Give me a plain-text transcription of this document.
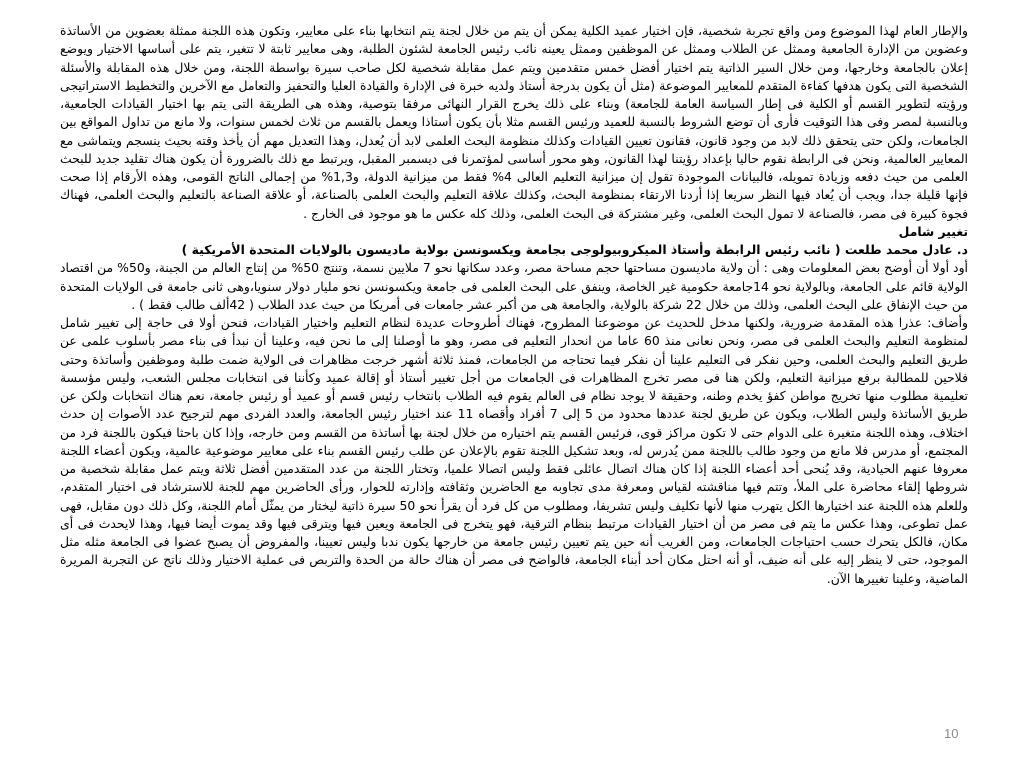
والإطار العام لهذا الموضوع ومن واقع تجربة شخصية، فإن اختيار عميد الكلية يمكن أن يتم من خلال لجنة يتم انتخابها بناء على معايير، وتكون هذه اللجنة ممثلة بعضوين من الأساتذة وعضوين من الإدارة الجامعية وممثل عن الطلاب وممثل عن الموظفين وممثل يعينه نائب رئيس الجامعة لشئون الطلبة، وهى معايير ثابتة لا تتغير، يتم على أساسها الاختيار ويوضع إعلان بالجامعة وخارجها، ومن خلال السير الذاتية يتم اختيار أفضل خمس متقدمين ويتم عمل مقابلة شخصية لكل صاحب سيرة بواسطة اللجنة، ومن خلال هذه المقابلة والأسئلة الشخصية التى يكون هدفها كفاءة المتقدم للمعايير الموضوعة (مثل أن يكون بدرجة أستاذ ولديه خبرة فى الإدارة والقيادة العليا والتحفيز والتعامل مع الآخرين والتخطيط الاستراتيجى ورؤيته لتطوير القسم أو الكلية فى إطار السياسة العامة للجامعة) وبناء على ذلك يخرج القرار النهائى مرفقا بتوصية، وهذه هى الطريقة التى يتم بها اختيار القيادات الجامعية، وبالنسبة لمصر وفى هذا التوقيت فأرى أن توضع الشروط بالنسبة للعميد ورئيس القسم مثلا بأن يكون أستاذا ويعمل بالقسم من ثلاث لخمس سنوات، ولا مانع من تداول المواقع بين الجامعات، ولكن حتى يتحقق ذلك لابد من وجود قانون، فقانون تعيين القيادات وكذلك منظومة البحث العلمى لابد أن يُعدل، وهذا التعديل مهم أن يأخذ وقته بحيث ينسجم ويتماشى مع المعايير العالمية، ونحن فى الرابطة نقوم حاليا بإعداد رؤيتنا لهذا القانون، وهو محور أساسى لمؤتمرنا فى ديسمبر المقبل، ويرتبط مع ذلك بالضرورة أن يكون هناك تقليد جديد للبحث العلمى من حيث دفعه وزيادة تمويله، فالبيانات الموجودة تقول إن ميزانية التعليم العالى 4% فقط من ميزانية الدولة، و1,3% من إجمالى الناتج القومى، وهذه الأرقام إذا صحت فإنها قليلة جدا، ويجب أن يُعاد فيها النظر سريعا إذا أردنا الارتقاء بمنظومة البحث، وكذلك علاقة التعليم والبحث العلمى بالصناعة، أو علاقة الصناعة بالتعليم والبحث العلمى، فهناك فجوة كبيرة فى مصر، فالصناعة لا تمول البحث العلمى، وغير مشتركة فى البحث العلمى، وذلك كله عكس ما هو موجود فى الخارج .

تغيير شامل

د. عادل محمد طلعت ( نائب رئيس الرابطة وأستاذ الميكروبيولوجى بجامعة ويكسونسن بولاية ماديسون بالولايات المتحدة الأمريكية )

أود أولا أن أوضح بعض المعلومات وهى : أن ولاية ماديسون مساحتها حجم مساحة مصر، وعدد سكانها نحو 7 ملايين نسمة، وتنتج 50% من إنتاج العالم من الجبنة، و50% من اقتصاد الولاية قائم على الجامعة، وبالولاية نحو 14جامعة حكومية غير الخاصة، وينفق على البحث العلمى فى جامعة ويكسونسن نحو مليار دولار سنويا،وهى ثانى جامعة فى الولايات المتحدة من حيث الإنفاق على البحث العلمى، وذلك من خلال 22 شركة بالولاية، والجامعة هى من أكبر عشر جامعات فى أمريكا من حيث عدد الطلاب ( 42ألف طالب فقط ) .

وأضاف: عذرا هذه المقدمة ضرورية، ولكنها مدخل للحديث عن موضوعنا المطروح، فهناك أطروحات عديدة لنظام التعليم واختيار القيادات، فنحن أولا فى حاجة إلى تغيير شامل لمنظومة التعليم والبحث العلمى فى مصر، ونحن نعانى منذ 60 عاما من انحدار التعليم فى مصر، وهو ما أوصلنا إلى ما نحن فيه، وعلينا أن نبدأ فى بناء مصر بأسلوب علمى عن طريق التعليم والبحث العلمى، وحين نفكر فى التعليم علينا أن نفكر فيما تحتاجه من الجامعات، فمنذ ثلاثة أشهر خرجت مظاهرات فى الولاية ضمت طلبة وموظفين وأساتذة وحتى فلاحين للمطالبة برفع ميزانية التعليم، ولكن هنا فى مصر تخرج المظاهرات فى الجامعات من أجل تغيير أستاذ أو إقالة عميد وكأننا فى انتخابات مجلس الشعب، وليس مؤسسة تعليمية مطلوب منها تخريج مواطن كفؤ يخدم وطنه، وحقيقة لا يوجد نظام فى العالم يقوم فيه الطلاب بانتخاب رئيس قسم أو عميد أو رئيس جامعة، نعم هناك انتخابات ولكن عن طريق الأساتذة وليس الطلاب، ويكون عن طريق لجنة عددها محدود من 5 إلى 7 أفراد وأقصاه 11 عند اختيار رئيس الجامعة، والعدد الفردى مهم لترجيح عدد الأصوات إن حدث اختلاف، وهذه اللجنة متغيرة على الدوام حتى لا تكون مراكز قوى، فرئيس القسم يتم اختياره من خلال لجنة بها أساتذة من القسم ومن خارجه، وإذا كان باحثا فيكون باللجنة فرد من المجتمع، أو مدرس فلا مانع من وجود طالب باللجنة ممن يُدرس له، وبعد تشكيل اللجنة تقوم بالإعلان عن طلب رئيس القسم بناء على معايير موضوعية عالمية، ويكون أعضاء اللجنة معروفا عنهم الحيادية، وقد يُنحى أحد أعضاء اللجنة إذا كان هناك اتصال عائلى فقط وليس اتصالا علميا، وتختار اللجنة من عدد المتقدمين أفضل ثلاثة ويتم عمل مقابلة شخصية من شروطها إلقاء محاضرة على الملأ، وتتم فيها مناقشته لقياس ومعرفة مدى تجاوبه مع الحاضرين وثقافته وإدارته للحوار، ورأى الحاضرين مهم للجنة للاسترشاد فى اختيار المتقدم، وللعلم هذه اللجنة عند اختيارها الكل يتهرب منها لأنها تكليف وليس تشريفا، ومطلوب من كل فرد أن يقرأ نحو 50 سيرة ذاتية ليختار من يمثّل أمام اللجنة، وكل ذلك دون مقابل، فهى عمل تطوعى، وهذا عكس ما يتم فى مصر من أن اختيار القيادات مرتبط بنظام الترقية، فهو يتخرج فى الجامعة ويعين فيها ويترقى فيها وقد يموت أيضا فيها، وهذا لايحدث فى أى مكان، فالكل يتحرك حسب احتياجات الجامعات، ومن الغريب أنه حين يتم تعيين رئيس جامعة من خارجها يكون ندبا وليس تعيينا، والمفروض أن يصبح عضوا فى الجامعة مثله مثل الموجود، حتى لا ينظر إليه على أنه ضيف، أو أنه احتل مكان أحد أبناء الجامعة، فالواضح فى مصر أن هناك حالة من الحدة والتربص فى عملية الاختيار وذلك ناتج عن التجربة المريرة الماضية، وعلينا تغييرها الآن.

10
